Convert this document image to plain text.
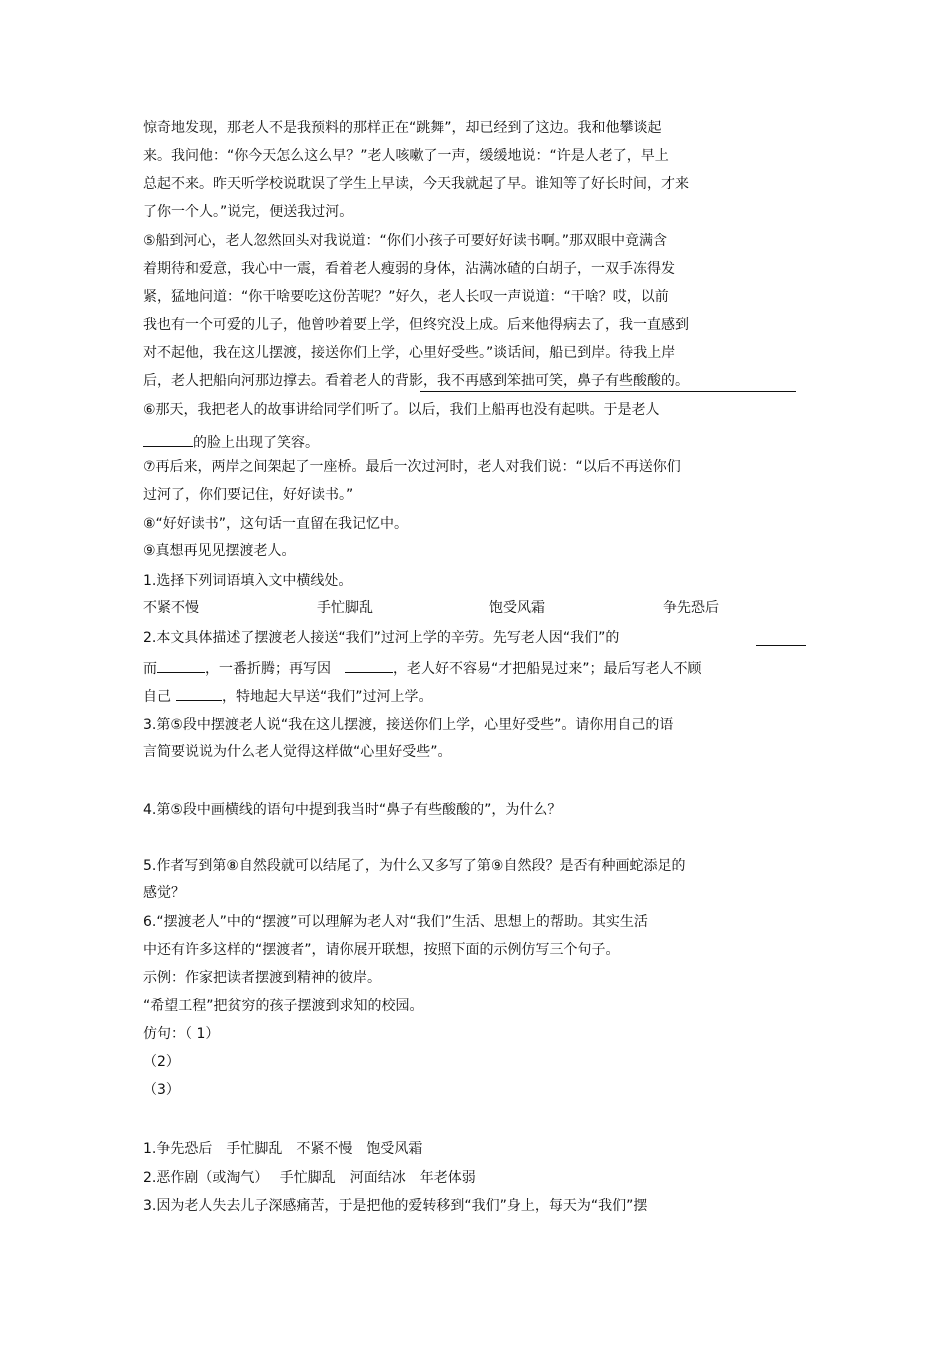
惊奇地发现，那老人不是我预料的那样正在“跳舞”，却已经到了这边。我和他攀谈起
来。我问他：“你今天怎么这么早？”老人咳嗽了一声，缓缓地说：“许是人老了，早上
总起不来。昨天听学校说耽误了学生上早读，今天我就起了早。谁知等了好长时间，才来
了你一个人。”说完，便送我过河。
⑤船到河心，老人忽然回头对我说道：“你们小孩子可要好好读书啊。”那双眼中竟满含
着期待和爱意，我心中一震，看着老人瘦弱的身体，沾满冰碴的白胡子，一双手冻得发
紧，猛地问道：“你干啥要吃这份苦呢？”好久，老人长叹一声说道：“干啥？哎，以前
我也有一个可爱的儿子，他曾吵着要上学，但终究没上成。后来他得病去了，我一直感到
对不起他，我在这儿摆渡，接送你们上学，心里好受些。”谈话间，船已到岸。待我上岸
后，老人把船向河那边撑去。看着老人的背影，我不再感到笨拙可笑，鼻子有些酸酸的。
⑥那天，我把老人的故事讲给同学们听了。以后，我们上船再也没有起哄。于是老人
的脸上出现了笑容。
⑦再后来，两岸之间架起了一座桥。最后一次过河时，老人对我们说：“以后不再送你们
过河了，你们要记住，好好读书。”
⑧“好好读书”，这句话一直留在我记忆中。
⑨真想再见见摆渡老人。
1.选择下列词语填入文中横线处。
不紧不慢	手忙脚乱	饱受风霜	争先恐后
2.本文具体描述了摆渡老人接送“我们”过河上学的辛劳。先写老人因“我们”的
而	，一番折腾；再写因	，老人好不容易“才把船晃过来”；最后写老人不顾
自己	，特地起大早送“我们”过河上学。
3.第⑤段中摆渡老人说“我在这儿摆渡，接送你们上学，心里好受些”。请你用自己的语
言简要说说为什么老人觉得这样做“心里好受些”。
4.第⑤段中画横线的语句中提到我当时“鼻子有些酸酸的”，为什么？
5.作者写到第⑧自然段就可以结尾了，为什么又多写了第⑨自然段？是否有种画蛇添足的
感觉？
6.“摆渡老人”中的“摆渡”可以理解为老人对“我们”生活、思想上的帮助。其实生活
中还有许多这样的“摆渡者”，请你展开联想，按照下面的示例仿写三个句子。
示例：作家把读者摆渡到精神的彼岸。
“希望工程”把贫穷的孩子摆渡到求知的校园。
仿句：（ 1）
（2）
（3）
1.争先恐后　手忙脚乱　不紧不慢　饱受风霜
2.恶作剧（或淘气）　 手忙脚乱　河面结冰　年老体弱
3.因为老人失去儿子深感痛苦，于是把他的爱转移到“我们”身上，每天为“我们”摆
